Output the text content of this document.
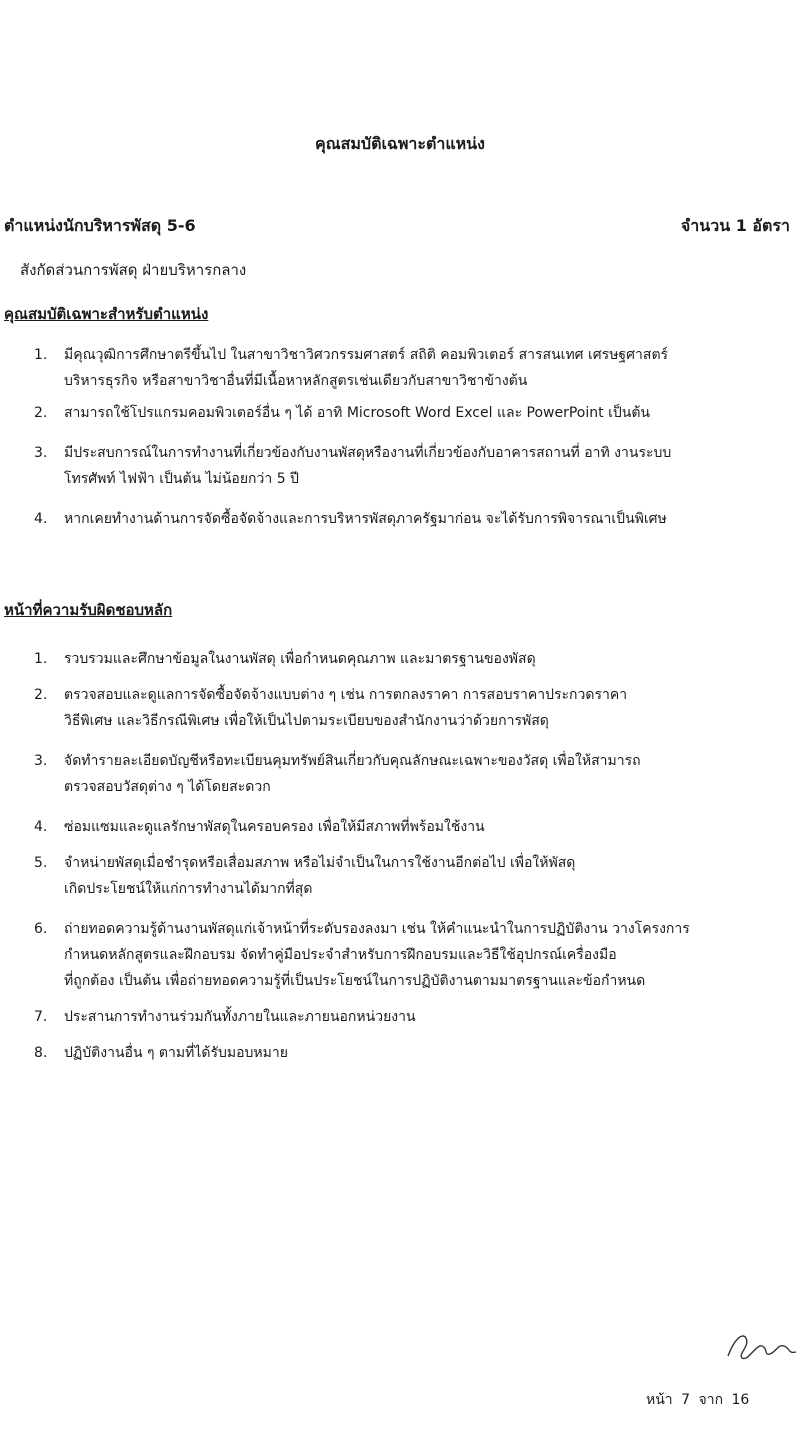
คุณสมบัติเฉพาะตำแหน่ง
ตำแหน่งนักบริหารพัสดุ 5-6	จำนวน 1 อัตรา
สังกัดส่วนการพัสดุ ฝ่ายบริหารกลาง
คุณสมบัติเฉพาะสำหรับตำแหน่ง
1. มีคุณวุฒิการศึกษาตรีขึ้นไป ในสาขาวิชาวิศวกรรมศาสตร์ สถิติ คอมพิวเตอร์ สารสนเทศ เศรษฐศาสตร์
บริหารธุรกิจ หรือสาขาวิชาอื่นที่มีเนื้อหาหลักสูตรเช่นเดียวกับสาขาวิชาข้างต้น
2. สามารถใช้โปรแกรมคอมพิวเตอร์อื่น ๆ ได้ อาทิ Microsoft Word Excel และ PowerPoint เป็นต้น
3. มีประสบการณ์ในการทำงานที่เกี่ยวข้องกับงานพัสดุหรืองานที่เกี่ยวข้องกับอาคารสถานที่ อาทิ งานระบบ
โทรศัพท์ ไฟฟ้า เป็นต้น ไม่น้อยกว่า 5 ปี
4. หากเคยทำงานด้านการจัดซื้อจัดจ้างและการบริหารพัสดุภาครัฐมาก่อน จะได้รับการพิจารณาเป็นพิเศษ
หน้าที่ความรับผิดชอบหลัก
1. รวบรวมและศึกษาข้อมูลในงานพัสดุ เพื่อกำหนดคุณภาพ และมาตรฐานของพัสดุ
2. ตรวจสอบและดูแลการจัดซื้อจัดจ้างแบบต่าง ๆ เช่น การตกลงราคา การสอบราคาประกวดราคา
วิธีพิเศษ และวิธีกรณีพิเศษ เพื่อให้เป็นไปตามระเบียบของสำนักงานว่าด้วยการพัสดุ
3. จัดทำรายละเอียดบัญชีหรือทะเบียนคุมทรัพย์สินเกี่ยวกับคุณลักษณะเฉพาะของวัสดุ เพื่อให้สามารถ
ตรวจสอบวัสดุต่าง ๆ ได้โดยสะดวก
4. ซ่อมแซมและดูแลรักษาพัสดุในครอบครอง เพื่อให้มีสภาพที่พร้อมใช้งาน
5. จำหน่ายพัสดุเมื่อชำรุดหรือเสื่อมสภาพ หรือไม่จำเป็นในการใช้งานอีกต่อไป เพื่อให้พัสดุ
เกิดประโยชน์ให้แก่การทำงานได้มากที่สุด
6. ถ่ายทอดความรู้ด้านงานพัสดุแก่เจ้าหน้าที่ระดับรองลงมา เช่น ให้คำแนะนำในการปฏิบัติงาน วางโครงการ
กำหนดหลักสูตรและฝึกอบรม จัดทำคู่มือประจำสำหรับการฝึกอบรมและวิธีใช้อุปกรณ์เครื่องมือ
ที่ถูกต้อง เป็นต้น เพื่อถ่ายทอดความรู้ที่เป็นประโยชน์ในการปฏิบัติงานตามมาตรฐานและข้อกำหนด
7. ประสานการทำงานร่วมกันทั้งภายในและภายนอกหน่วยงาน
8. ปฏิบัติงานอื่น ๆ ตามที่ได้รับมอบหมาย
หน้า 7 จาก 16
